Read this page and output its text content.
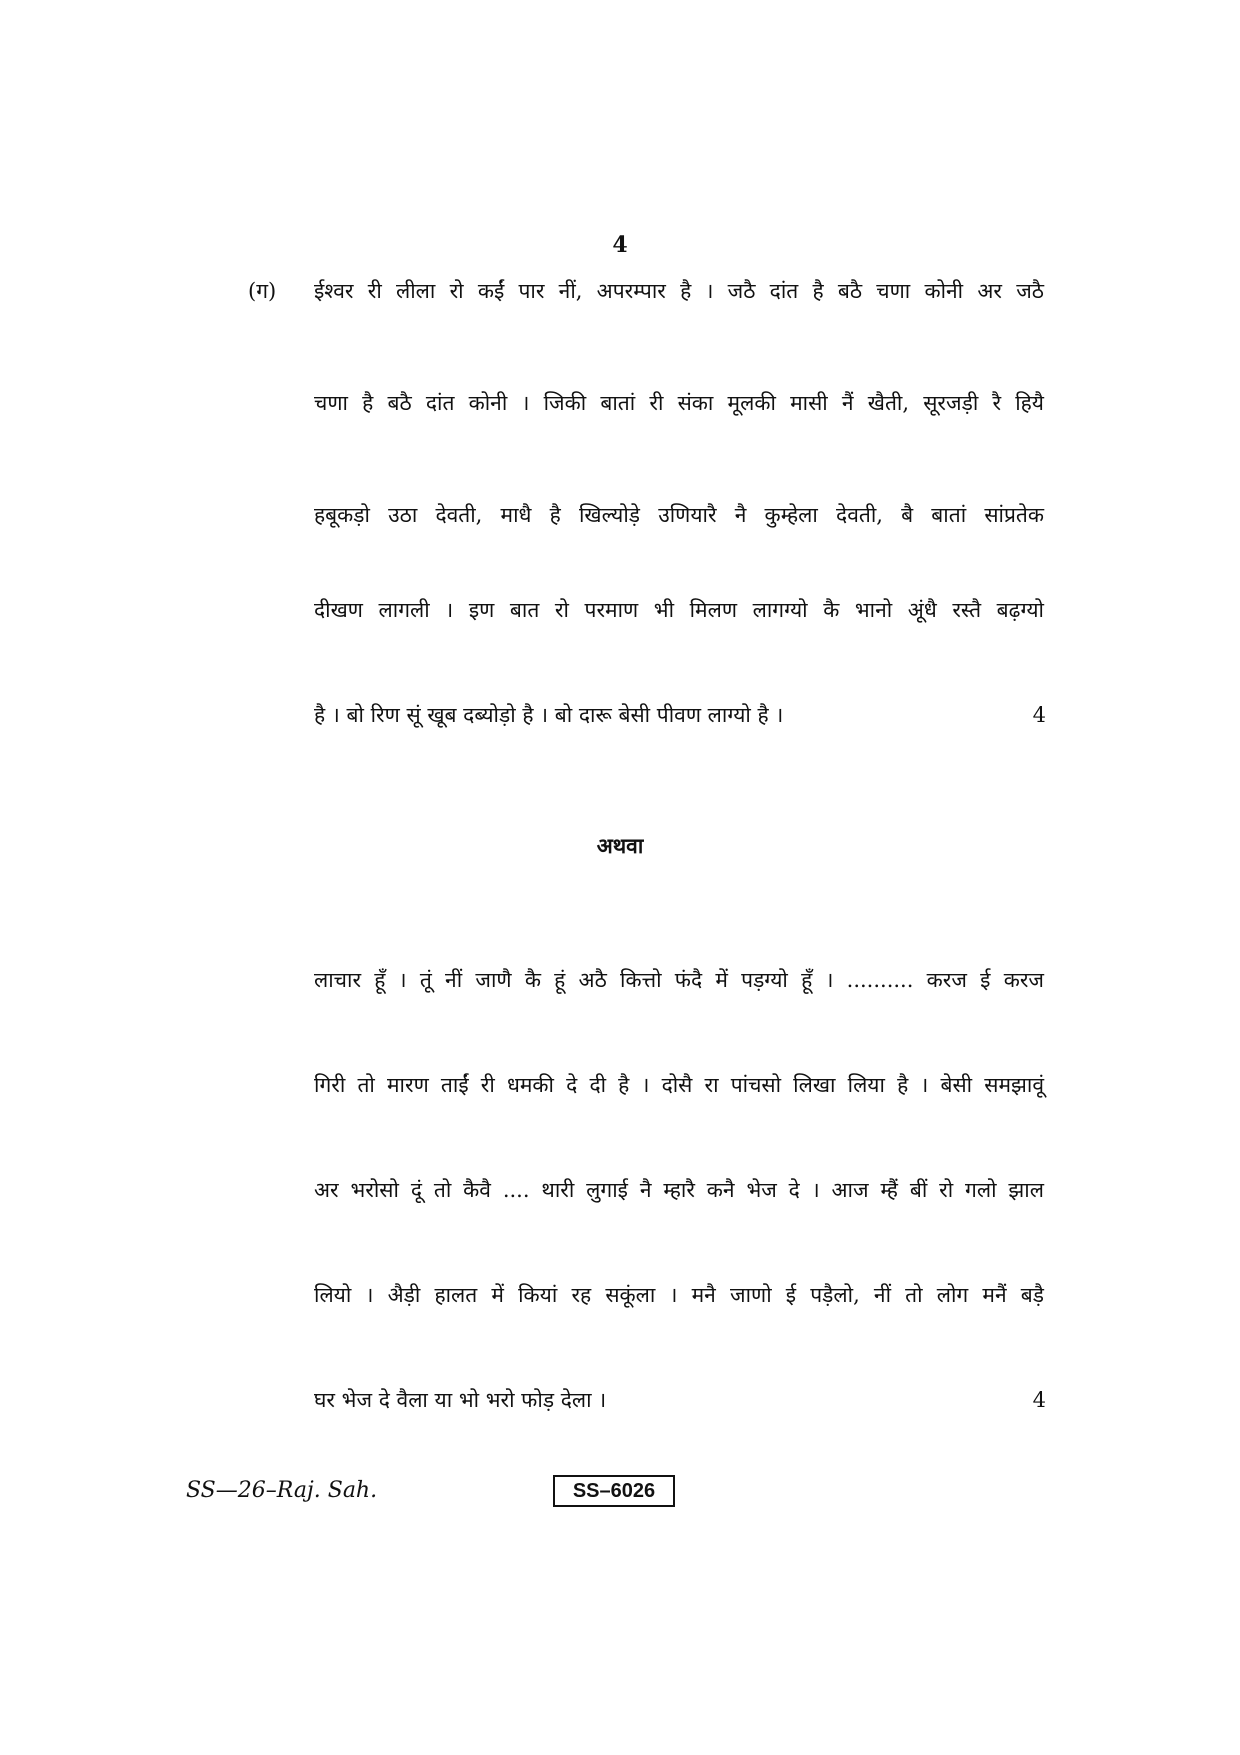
4
(ग) ईश्वर री लीला रो कईं पार नीं, अपरम्पार है । जठै दांत है बठै चणा कोनी अर जठै
चणा है बठै दांत कोनी । जिकी बातां री संका मूलकी मासी नैं खैती, सूरजड़ी रै हियै
हबूकड़ो उठा देवती, माधै है खिल्योड़े उणियारै नै कुम्हेला देवती, बै बातां सांप्रतेक
दीखण लागली । इण बात रो परमाण भी मिलण लागग्यो कै भानो अूंधै रस्तै बढ़ग्यो
है । बो रिण सूं खूब दब्योड़ो है । बो दारू बेसी पीवण लाग्यो है ।	4
अथवा
लाचार हूँ । तूं नीं जाणै कै हूं अठै कित्तो फंदै में पड़ग्यो हूँ । .......... करज ई करज
गिरी तो मारण ताईं री धमकी दे दी है । दोसै रा पांचसो लिखा लिया है । बेसी समझावूं
अर भरोसो दूं तो कैवै .... थारी लुगाई नै म्हारै कनै भेज दे । आज म्हैं बीं रो गलो झाल
लियो । अैड़ी हालत में कियां रह सकूंला । मनै जाणो ई पड़ैलो, नीं तो लोग मनैं बड़ै
घर भेज दे वैला या भो भरो फोड़ देला ।	4
SS—26–Raj. Sah.	SS–6026
